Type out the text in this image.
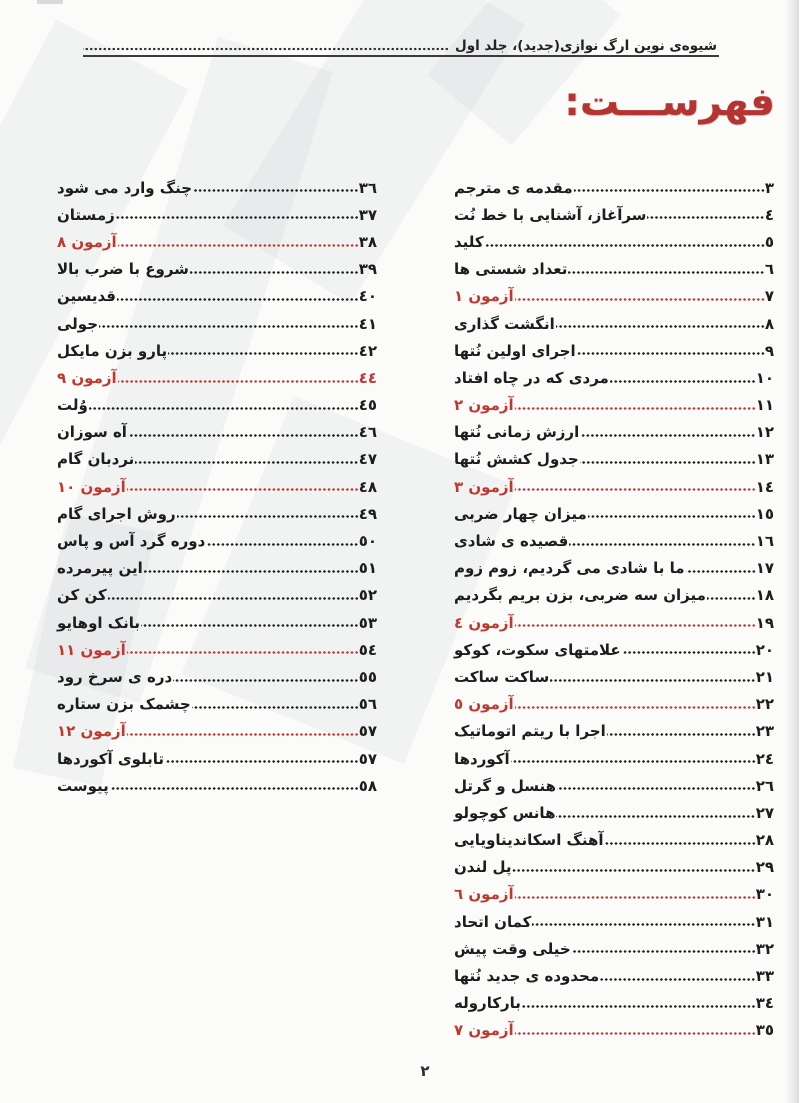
شیوه‌ی نوین ارگ نوازی(جدید)، جلد اول
فهرســـت:
٣
مقدمه ی مترجم
٤
سرآغاز، آشنایی با خط نُت
٥
کلید
٦
تعداد شستی ها
٧
آزمون ١
٨
انگشت گذاری
٩
اجرای اولین نُتها
١٠
مردی که در چاه افتاد
١١
آزمون ٢
١٢
ارزش زمانی نُتها
١٣
جدول کشش نُتها
١٤
آزمون ٣
١٥
میزان چهار ضربی
١٦
قصیده ی شادی
١٧
ما با شادی می گردیم، زوم زوم
١٨
میزان سه ضربی، بزن بریم بگردیم
١٩
آزمون ٤
٢٠
علامتهای سکوت، کوکو
٢١
ساکت ساکت
٢٢
آزمون ٥
٢٣
اجرا با ریتم اتوماتیک
٢٤
آکوردها
٢٦
هنسل و گرتل
٢٧
هانس کوچولو
٢٨
آهنگ اسکاندیناویایی
٢٩
پل لندن
٣٠
آزمون ٦
٣١
کمان اتحاد
٣٢
خیلی وقت پیش
٣٣
محدوده ی جدید نُتها
٣٤
بارکاروله
٣٥
آزمون ٧
٣٦
چنگ وارد می شود
٣٧
زمستان
٣٨
آزمون ٨
٣٩
شروع با ضرب بالا
٤٠
قدیسین
٤١
جولی
٤٢
پارو بزن مایکل
٤٤
آزمون ٩
٤٥
وُلت
٤٦
آه سوزان
٤٧
نردبان گام
٤٨
آزمون ١٠
٤٩
روش اجرای گام
٥٠
دوره گرد آس و پاس
٥١
این پیرمرده
٥٢
کن کن
٥٣
بانک اوهایو
٥٤
آزمون ١١
٥٥
دره ی سرخ رود
٥٦
چشمک بزن ستاره
٥٧
آزمون ١٢
٥٧
تابلوی آکوردها
٥٨
پیوست
٢
